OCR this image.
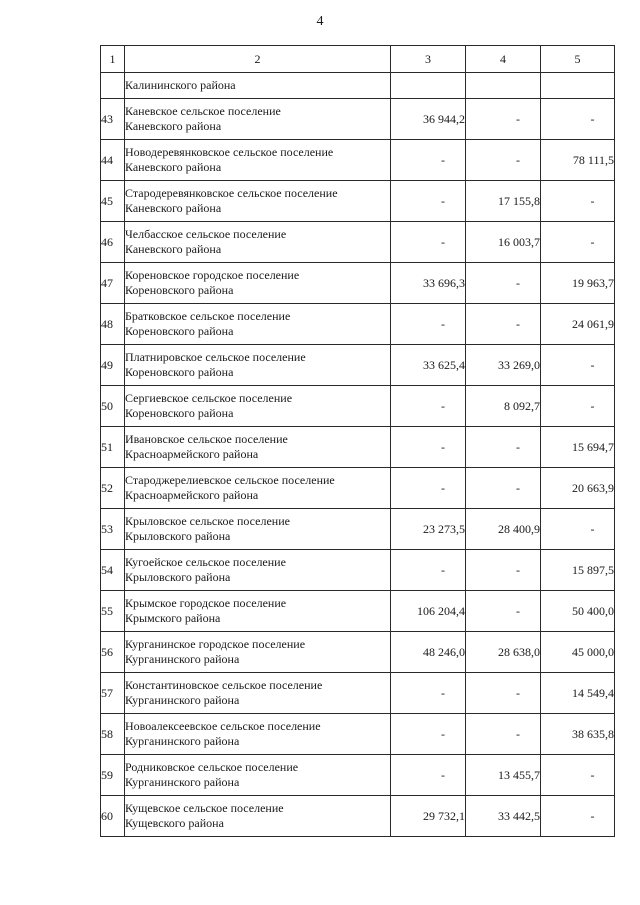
4
1	2	3	4	5
	Калининского района			
43	Каневское сельское поселение
Каневского района	36 944,2	-	-
44	Новодеревянковское сельское поселение
Каневского района	-	-	78 111,5
45	Стародеревянковское сельское поселение
Каневского района	-	17 155,8	-
46	Челбасское сельское поселение
Каневского района	-	16 003,7	-
47	Кореновское городское поселение
Кореновского района	33 696,3	-	19 963,7
48	Братковское сельское поселение
Кореновского района	-	-	24 061,9
49	Платнировское сельское поселение
Кореновского района	33 625,4	33 269,0	-
50	Сергиевское сельское поселение
Кореновского района	-	8 092,7	-
51	Ивановское сельское поселение
Красноармейского района	-	-	15 694,7
52	Староджерелиевское сельское поселение
Красноармейского района	-	-	20 663,9
53	Крыловское сельское поселение
Крыловского района	23 273,5	28 400,9	-
54	Кугоейское сельское поселение
Крыловского района	-	-	15 897,5
55	Крымское городское поселение
Крымского района	106 204,4	-	50 400,0
56	Курганинское городское поселение
Курганинского района	48 246,0	28 638,0	45 000,0
57	Константиновское сельское поселение
Курганинского района	-	-	14 549,4
58	Новоалексеевское сельское поселение
Курганинского района	-	-	38 635,8
59	Родниковское сельское поселение
Курганинского района	-	13 455,7	-
60	Кущевское сельское поселение
Кущевского района	29 732,1	33 442,5	-
